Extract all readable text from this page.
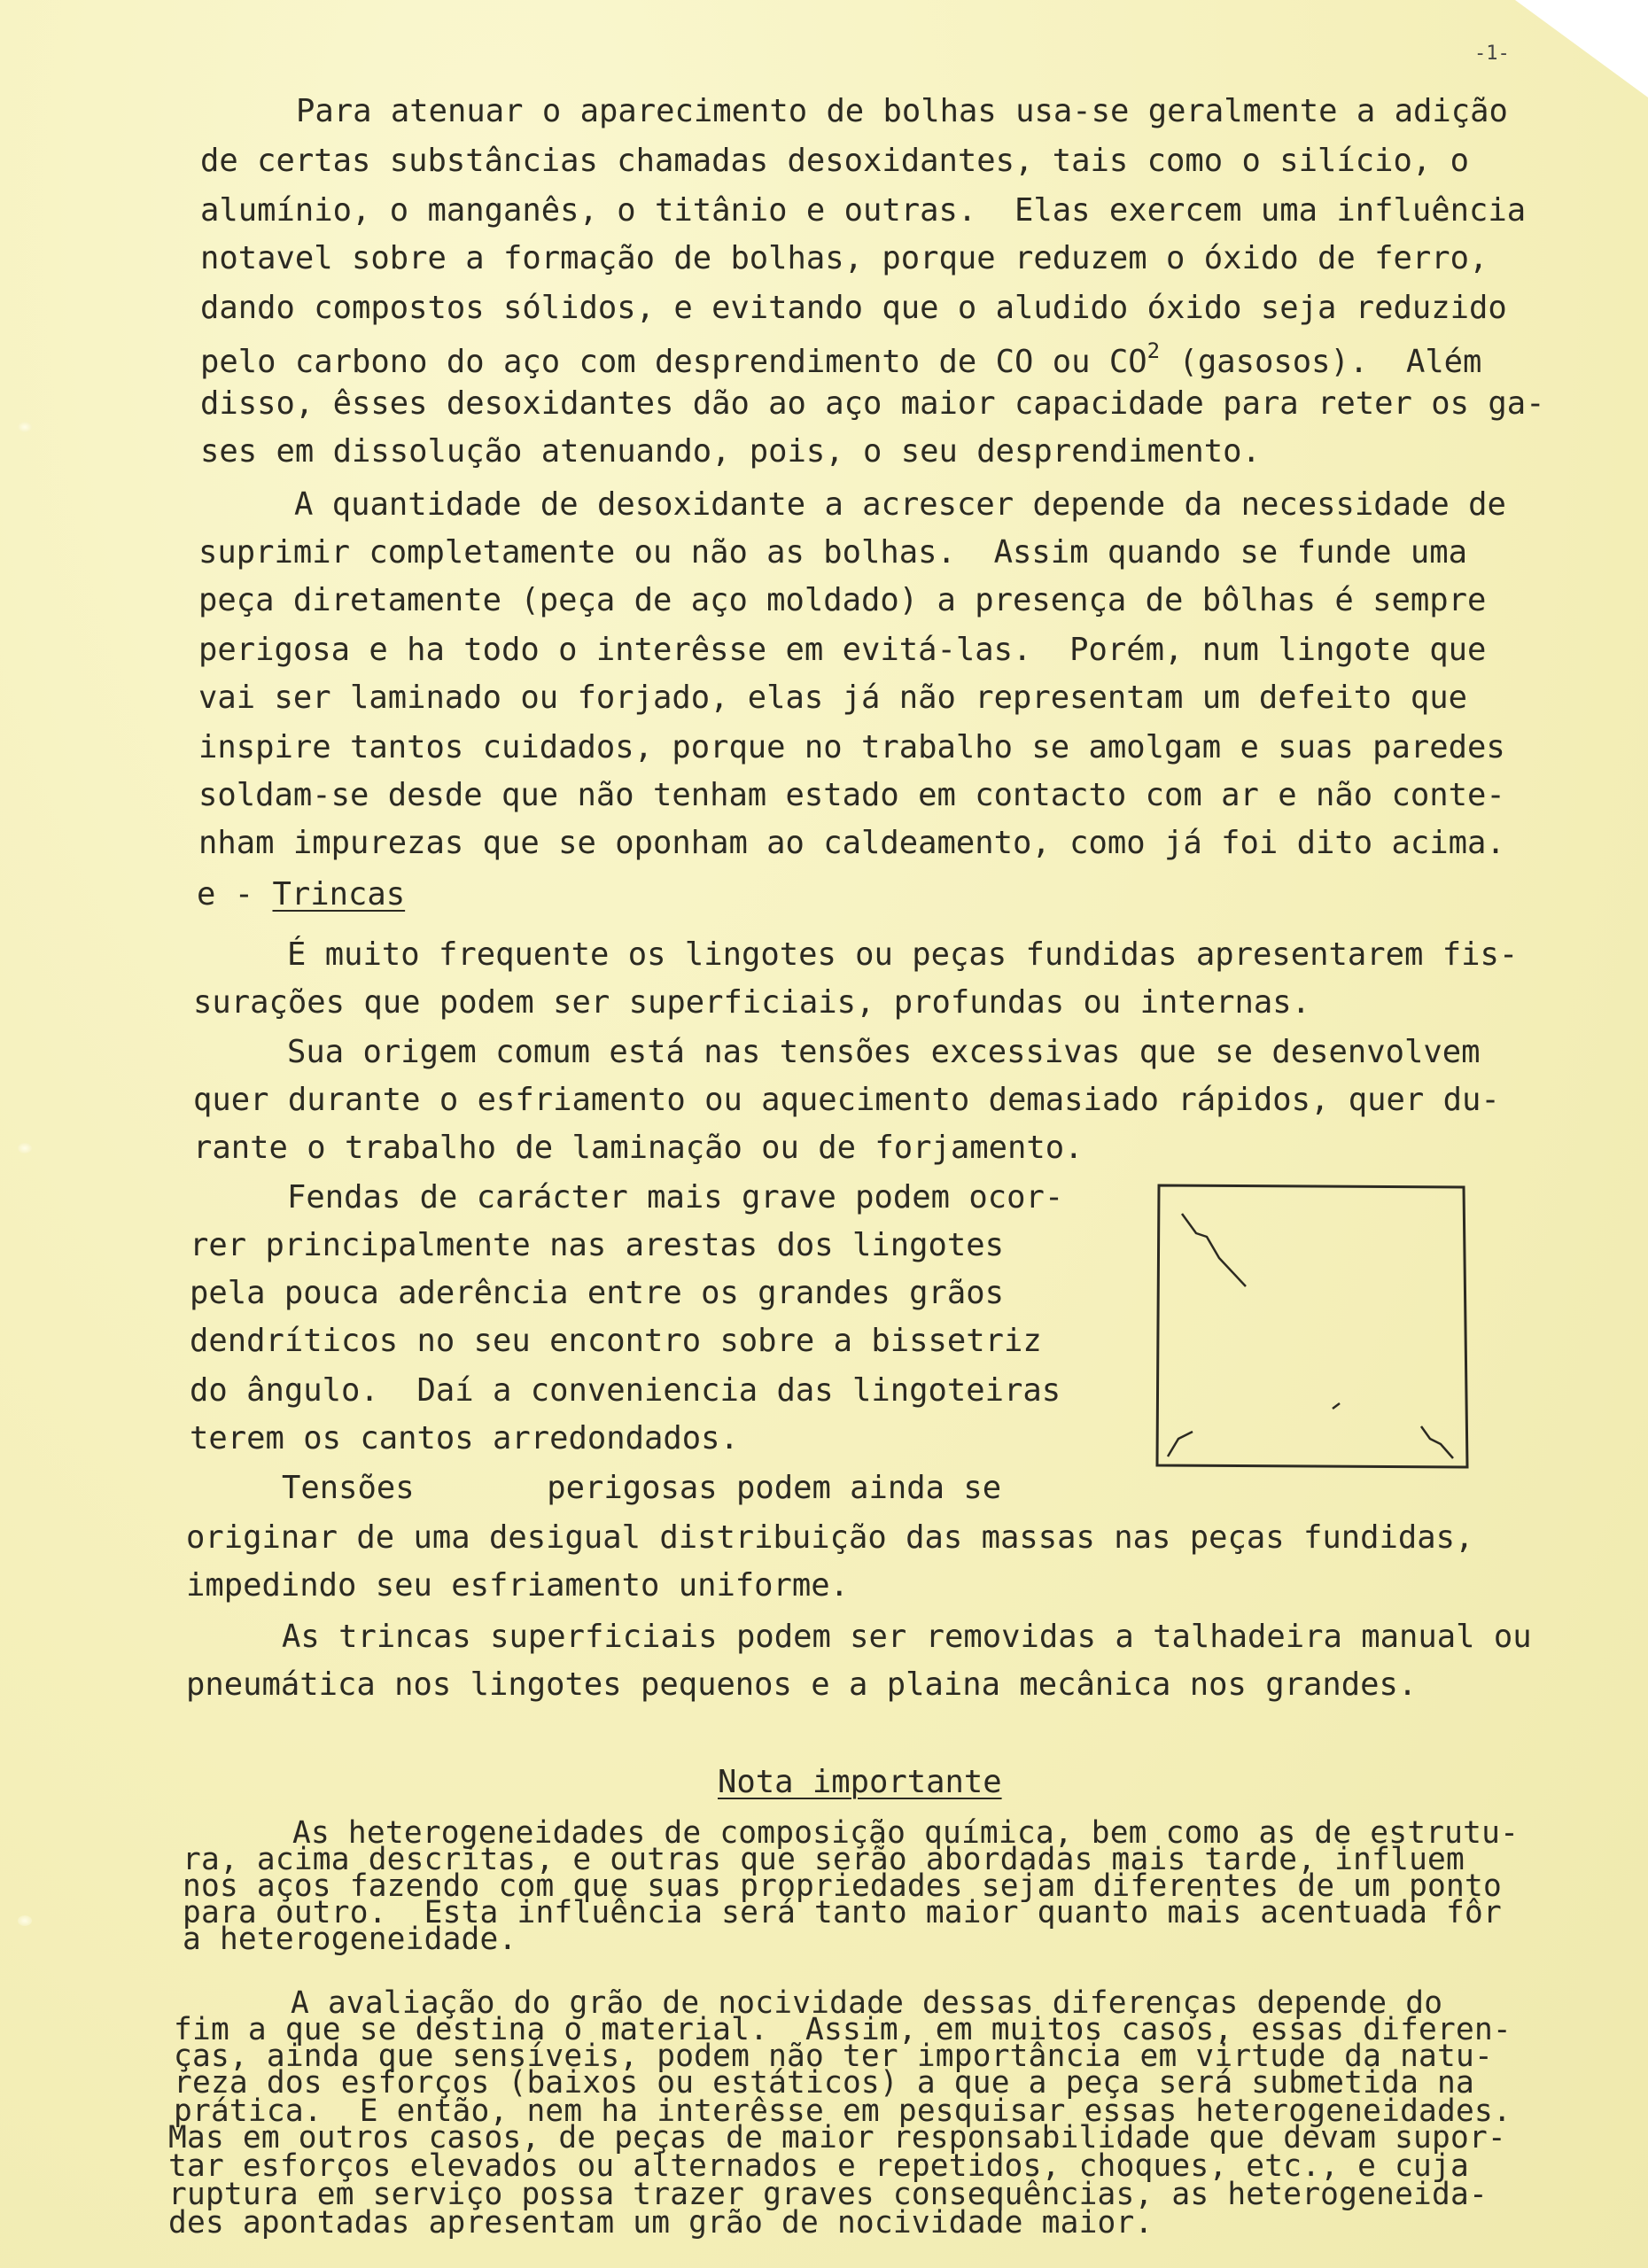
-1-
Para atenuar o aparecimento de bolhas usa-se geralmente a adição
de certas substâncias chamadas desoxidantes, tais como o silício, o
alumínio, o manganês, o titânio e outras.  Elas exercem uma influência
notavel sobre a formação de bolhas, porque reduzem o óxido de ferro,
dando compostos sólidos, e evitando que o aludido óxido seja reduzido
pelo carbono do aço com desprendimento de CO ou $CO^2$ (gasosos).  Além
disso, êsses desoxidantes dão ao aço maior capacidade para reter os ga-
ses em dissolução atenuando, pois, o seu desprendimento.
A quantidade de desoxidante a acrescer depende da necessidade de
suprimir completamente ou não as bolhas.  Assim quando se funde uma
peça diretamente (peça de aço moldado) a presença de bôlhas é sempre
perigosa e ha todo o interêsse em evitá-las.  Porém, num lingote que
vai ser laminado ou forjado, elas já não representam um defeito que
inspire tantos cuidados, porque no trabalho se amolgam e suas paredes
soldam-se desde que não tenham estado em contacto com ar e não conte-
nham impurezas que se oponham ao caldeamento, como já foi dito acima.
e - Trincas
É muito frequente os lingotes ou peças fundidas apresentarem fis-
surações que podem ser superficiais, profundas ou internas.
Sua origem comum está nas tensões excessivas que se desenvolvem
quer durante o esfriamento ou aquecimento demasiado rápidos, quer du-
rante o trabalho de laminação ou de forjamento.
Fendas de carácter mais grave podem ocor-
rer principalmente nas arestas dos lingotes
pela pouca aderência entre os grandes grãos
dendríticos no seu encontro sobre a bissetriz
do ângulo.  Daí a conveniencia das lingoteiras
terem os cantos arredondados.
Tensões       perigosas podem ainda se
originar de uma desigual distribuição das massas nas peças fundidas,
impedindo seu esfriamento uniforme.
As trincas superficiais podem ser removidas a talhadeira manual ou
pneumática nos lingotes pequenos e a plaina mecânica nos grandes.
Nota importante
As heterogeneidades de composição química, bem como as de estrutu-
ra, acima descritas, e outras que serão abordadas mais tarde, influem
nos aços fazendo com que suas propriedades sejam diferentes de um ponto
para outro.  Esta influência será tanto maior quanto mais acentuada fôr
a heterogeneidade.
A avaliação do grão de nocividade dessas diferenças depende do
fim a que se destina o material.  Assim, em muitos casos, essas diferen-
ças, ainda que sensíveis, podem não ter importância em virtude da natu-
reza dos esforços (baixos ou estáticos) a que a peça será submetida na
prática.  E então, nem ha interêsse em pesquisar essas heterogeneidades.
Mas em outros casos, de peças de maior responsabilidade que devam supor-
tar esforços elevados ou alternados e repetidos, choques, etc., e cuja
ruptura em serviço possa trazer graves consequências, as heterogeneida-
des apontadas apresentam um grão de nocividade maior.
